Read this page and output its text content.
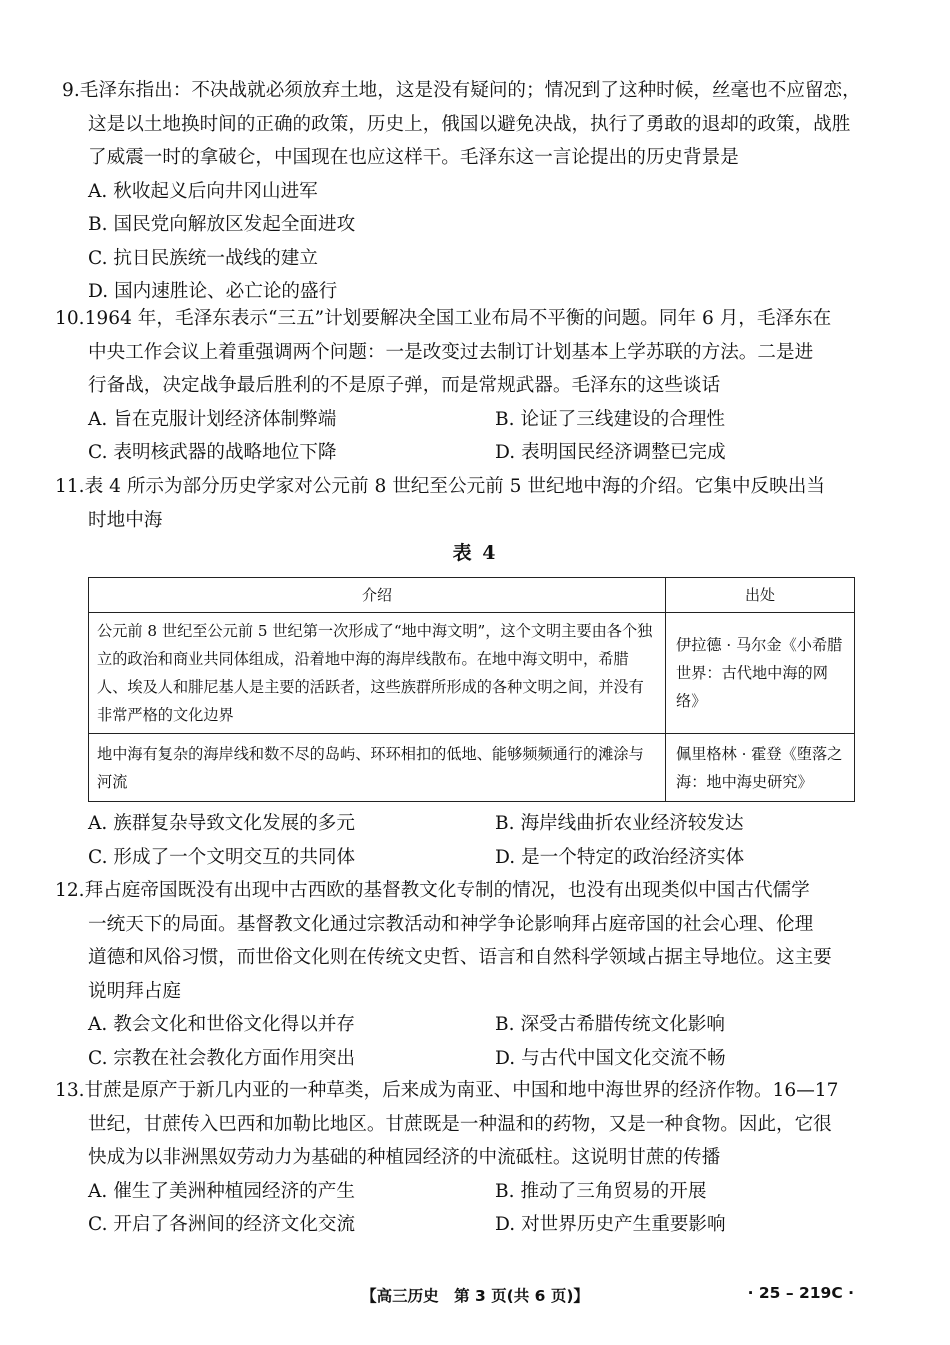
9.毛泽东指出：不决战就必须放弃土地，这是没有疑问的；情况到了这种时候，丝毫也不应留恋，
这是以土地换时间的正确的政策，历史上，俄国以避免决战，执行了勇敢的退却的政策，战胜
了威震一时的拿破仑，中国现在也应这样干。毛泽东这一言论提出的历史背景是

A. 秋收起义后向井冈山进军
B. 国民党向解放区发起全面进攻
C. 抗日民族统一战线的建立
D. 国内速胜论、必亡论的盛行

10.1964 年，毛泽东表示“三五”计划要解决全国工业布局不平衡的问题。同年 6 月，毛泽东在
中央工作会议上着重强调两个问题：一是改变过去制订计划基本上学苏联的方法。二是进
行备战，决定战争最后胜利的不是原子弹，而是常规武器。毛泽东的这些谈话

A. 旨在克服计划经济体制弊端	B. 论证了三线建设的合理性
C. 表明核武器的战略地位下降	D. 表明国民经济调整已完成

11.表 4 所示为部分历史学家对公元前 8 世纪至公元前 5 世纪地中海的介绍。它集中反映出当
时地中海

表 4
介绍	出处
公元前 8 世纪至公元前 5 世纪第一次形成了“地中海文明”，这个文明主要由各个独立的政治和商业共同体组成，沿着地中海的海岸线散布。在地中海文明中，希腊人、埃及人和腓尼基人是主要的活跃者，这些族群所形成的各种文明之间，并没有非常严格的文化边界	伊拉德 · 马尔金《小希腊世界：古代地中海的网络》
地中海有复杂的海岸线和数不尽的岛屿、环环相扣的低地、能够频频通行的滩涂与河流	佩里格林 · 霍登《堕落之海：地中海史研究》
A. 族群复杂导致文化发展的多元	B. 海岸线曲折农业经济较发达
C. 形成了一个文明交互的共同体	D. 是一个特定的政治经济实体

12.拜占庭帝国既没有出现中古西欧的基督教文化专制的情况，也没有出现类似中国古代儒学
一统天下的局面。基督教文化通过宗教活动和神学争论影响拜占庭帝国的社会心理、伦理
道德和风俗习惯，而世俗文化则在传统文史哲、语言和自然科学领域占据主导地位。这主要
说明拜占庭

A. 教会文化和世俗文化得以并存	B. 深受古希腊传统文化影响
C. 宗教在社会教化方面作用突出	D. 与古代中国文化交流不畅

13.甘蔗是原产于新几内亚的一种草类，后来成为南亚、中国和地中海世界的经济作物。16—17
世纪，甘蔗传入巴西和加勒比地区。甘蔗既是一种温和的药物，又是一种食物。因此，它很
快成为以非洲黑奴劳动力为基础的种植园经济的中流砥柱。这说明甘蔗的传播

A. 催生了美洲种植园经济的产生	B. 推动了三角贸易的开展
C. 开启了各洲间的经济文化交流	D. 对世界历史产生重要影响
【高三历史　第 3 页(共 6 页)】	· 25 – 219C ·
